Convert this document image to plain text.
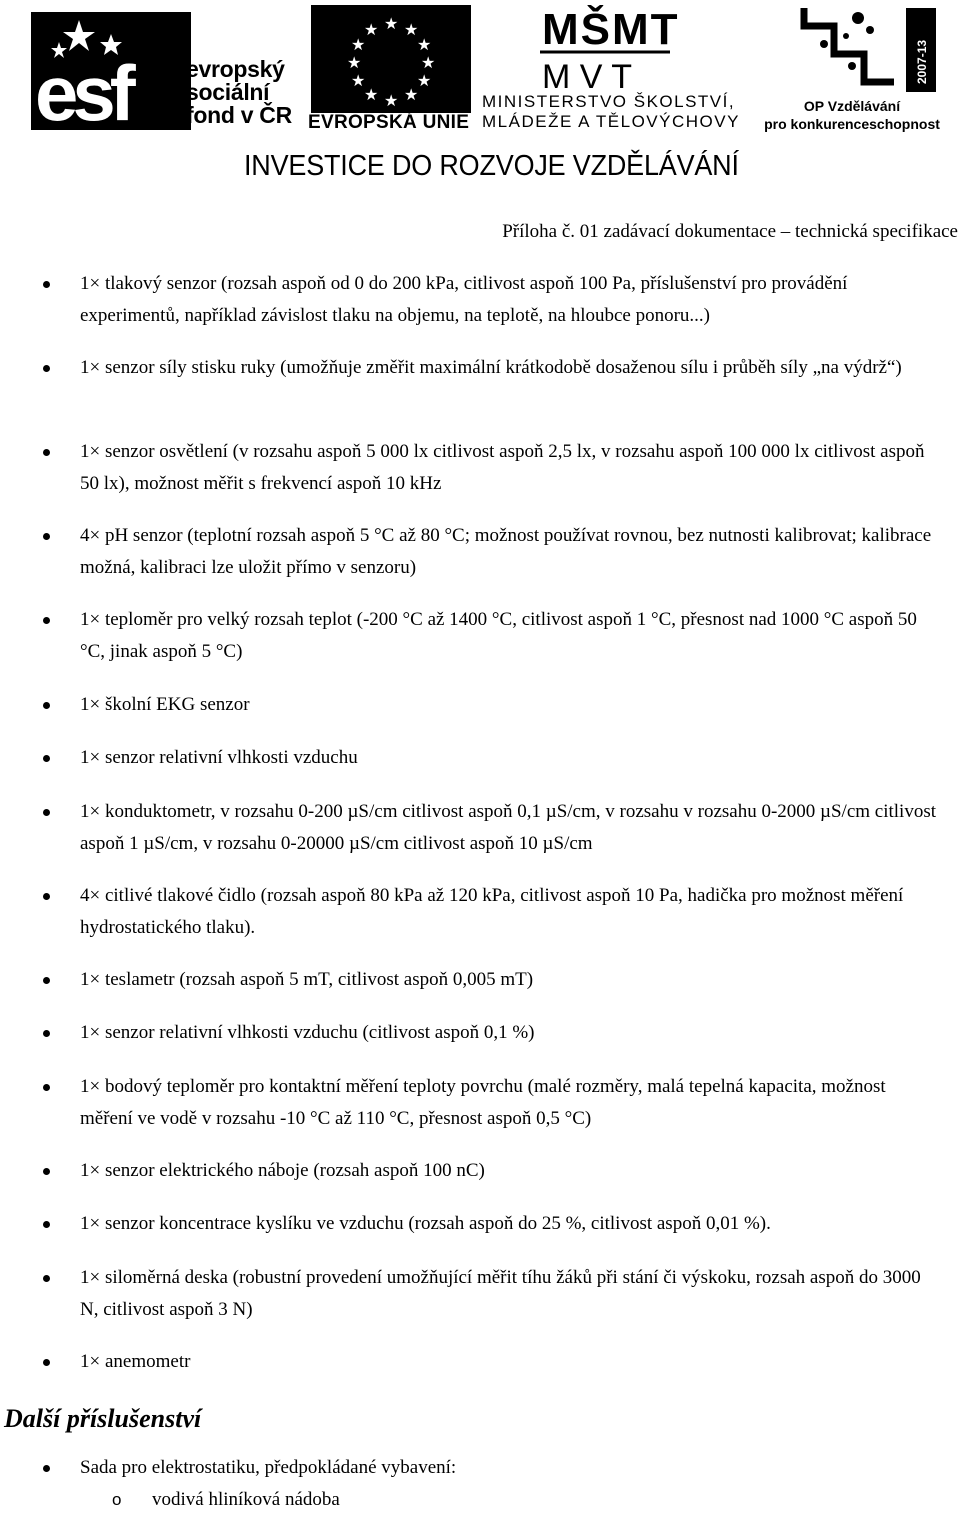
esf	evropský
sociální
fond v ČR
★ ★
★
★
★
★
★
★
★
★
★
★
EVROPSKÁ UNIE
MŠMT
M V T
MINISTERSTVO ŠKOLSTVÍ,
MLÁDEŽE A TĚLOVÝCHOVY
2007-13
OP Vzdělávání
pro konkurenceschopnost
INVESTICE DO ROZVOJE VZDĚLÁVÁNÍ
Příloha č. 01 zadávací dokumentace – technická specifikace
1× tlakový senzor (rozsah aspoň od 0 do 200 kPa, citlivost aspoň 100 Pa, příslušenství pro provádění experimentů, například závislost tlaku na objemu, na teplotě, na hloubce ponoru...)
1× senzor síly stisku ruky (umožňuje změřit maximální krátkodobě dosaženou sílu i průběh síly „na výdrž“)
1× senzor osvětlení (v rozsahu aspoň 5 000 lx citlivost aspoň 2,5 lx, v rozsahu aspoň 100 000 lx citlivost aspoň 50 lx), možnost měřit s frekvencí aspoň 10 kHz
4× pH senzor (teplotní rozsah aspoň 5 °C až 80 °C; možnost používat rovnou, bez nutnosti kalibrovat; kalibrace možná, kalibraci lze uložit přímo v senzoru)
1× teploměr pro velký rozsah teplot (-200 °C až 1400 °C, citlivost aspoň 1 °C, přesnost nad 1000 °C aspoň 50 °C, jinak aspoň 5 °C)
1× školní EKG senzor
1× senzor relativní vlhkosti vzduchu
1× konduktometr, v rozsahu 0-200 µS/cm citlivost aspoň 0,1 µS/cm, v rozsahu v rozsahu 0-2000 µS/cm citlivost aspoň 1 µS/cm, v rozsahu 0-20000 µS/cm citlivost aspoň 10 µS/cm
4× citlivé tlakové čidlo (rozsah aspoň 80 kPa až 120 kPa, citlivost aspoň 10 Pa, hadička pro možnost měření hydrostatického tlaku).
1× teslametr (rozsah aspoň 5 mT, citlivost aspoň 0,005 mT)
1× senzor relativní vlhkosti vzduchu (citlivost aspoň 0,1 %)
1× bodový teploměr pro kontaktní měření teploty povrchu (malé rozměry, malá tepelná kapacita, možnost měření ve vodě v rozsahu -10 °C až 110 °C, přesnost aspoň 0,5 °C)
1× senzor elektrického náboje (rozsah aspoň 100 nC)
1× senzor koncentrace kyslíku ve vzduchu (rozsah aspoň do 25 %, citlivost aspoň 0,01 %).
1× siloměrná deska (robustní provedení umožňující měřit tíhu žáků při stání či výskoku, rozsah aspoň do 3000 N, citlivost aspoň 3 N)
1× anemometr
Další příslušenství
Sada pro elektrostatiku, předpokládané vybavení:
o vodivá hliníková nádoba
